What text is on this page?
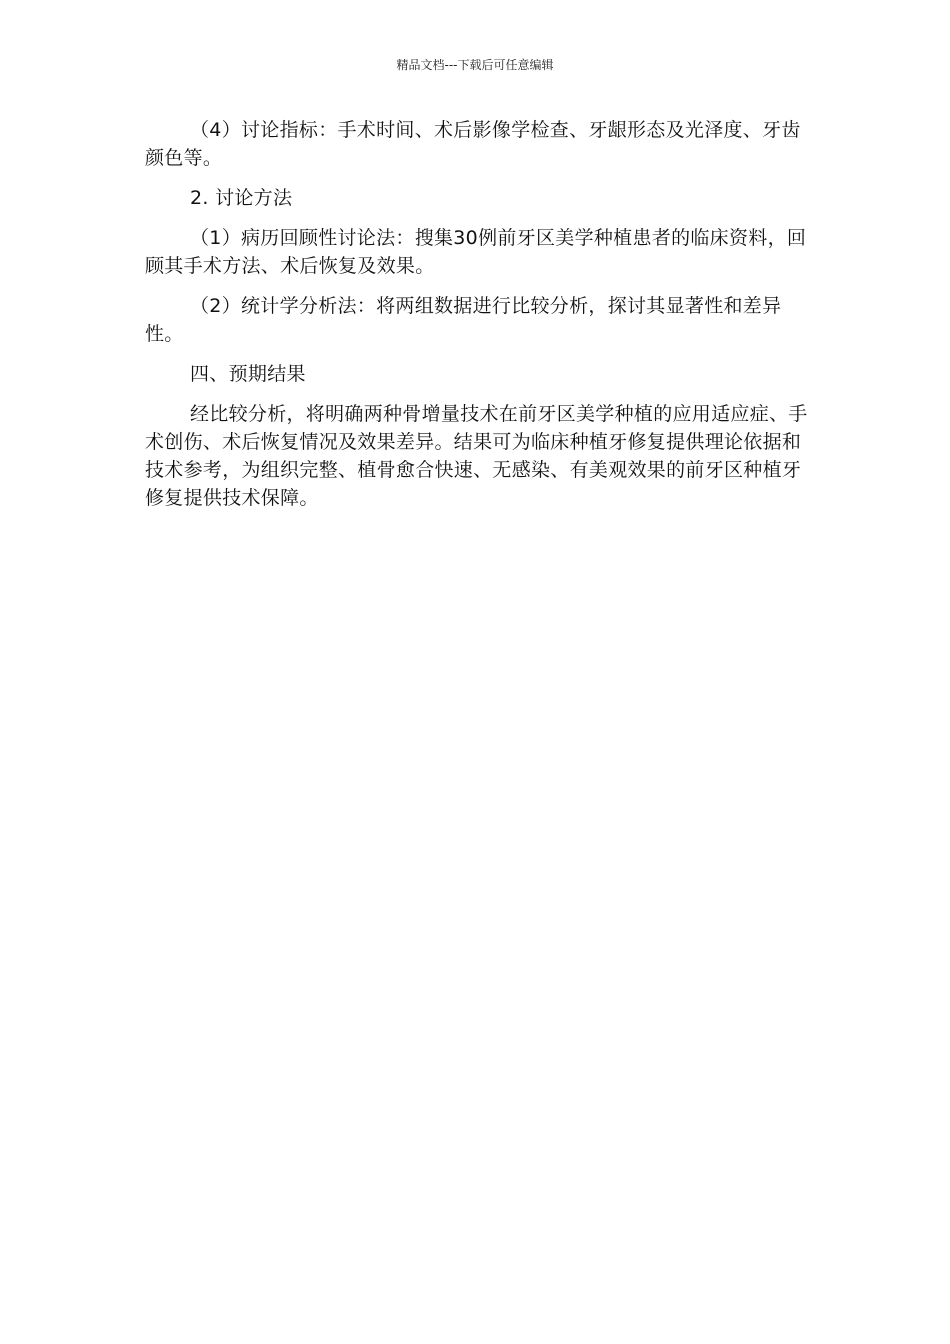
精品文档---下载后可任意编辑

（4）讨论指标：手术时间、术后影像学检查、牙龈形态及光泽度、牙齿颜色等。

2. 讨论方法

（1）病历回顾性讨论法：搜集30例前牙区美学种植患者的临床资料，回顾其手术方法、术后恢复及效果。

（2）统计学分析法：将两组数据进行比较分析，探讨其显著性和差异性。

四、预期结果

经比较分析，将明确两种骨增量技术在前牙区美学种植的应用适应症、手术创伤、术后恢复情况及效果差异。结果可为临床种植牙修复提供理论依据和技术参考，为组织完整、植骨愈合快速、无感染、有美观效果的前牙区种植牙修复提供技术保障。
